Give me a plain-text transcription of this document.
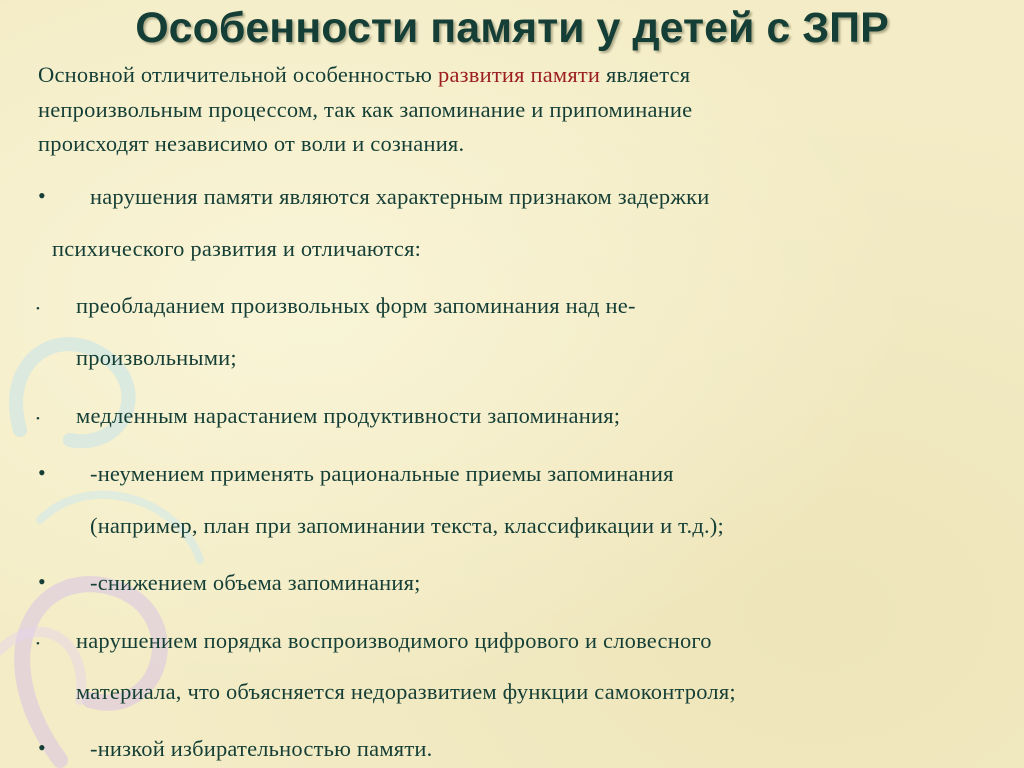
Особенности памяти у детей с ЗПР
Основной отличительной особенностью развития памяти является
непроизвольным процессом, так как запоминание и припоминание
происходят независимо от воли и сознания.
• нарушения памяти являются характерным признаком задержки
психического развития и отличаются:
• преобладанием произвольных форм запоминания над не-
произвольными;
• медленным нарастанием продуктивности запоминания;
• -неумением применять рациональные приемы запоминания
(например, план при запоминании текста, классификации и т.д.);
• -снижением объема запоминания;
• нарушением порядка воспроизводимого цифрового и словесного
материала, что объясняется недоразвитием функции самоконтроля;
• -низкой избирательностью памяти.
